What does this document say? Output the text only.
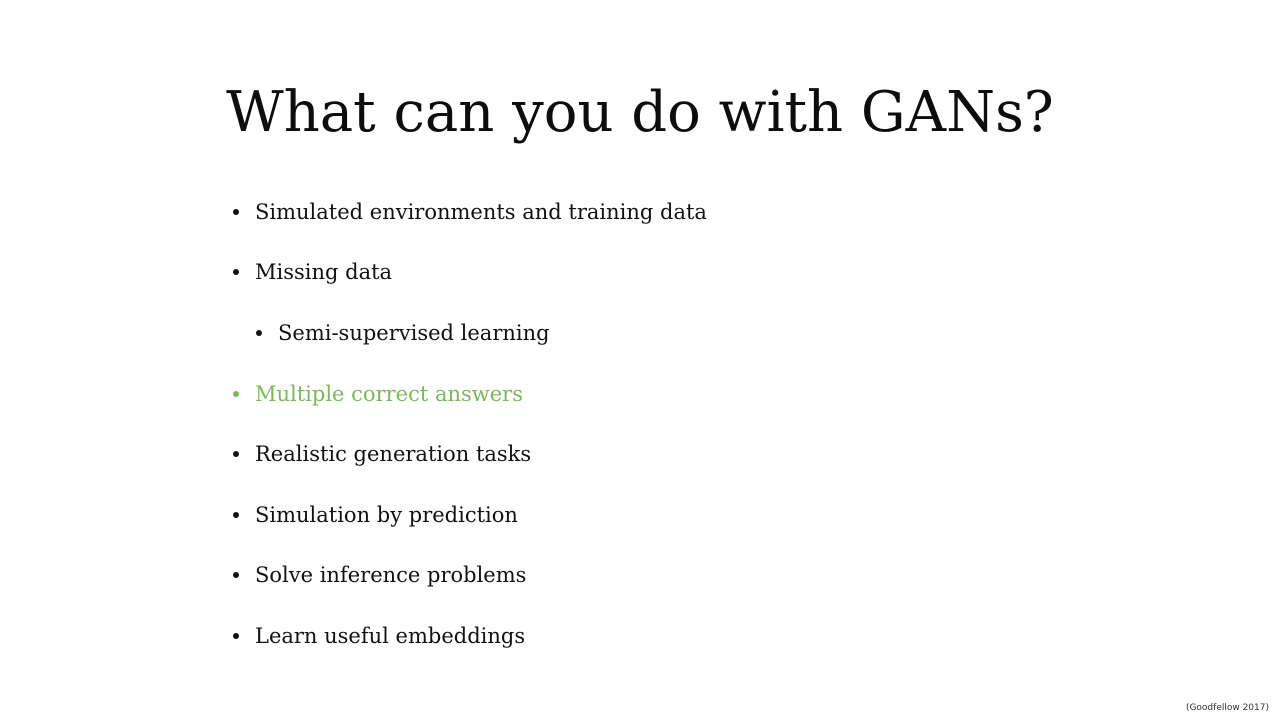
What can you do with GANs?
Simulated environments and training data
Missing data
Semi-supervised learning
Multiple correct answers
Realistic generation tasks
Simulation by prediction
Solve inference problems
Learn useful embeddings
(Goodfellow 2017)
